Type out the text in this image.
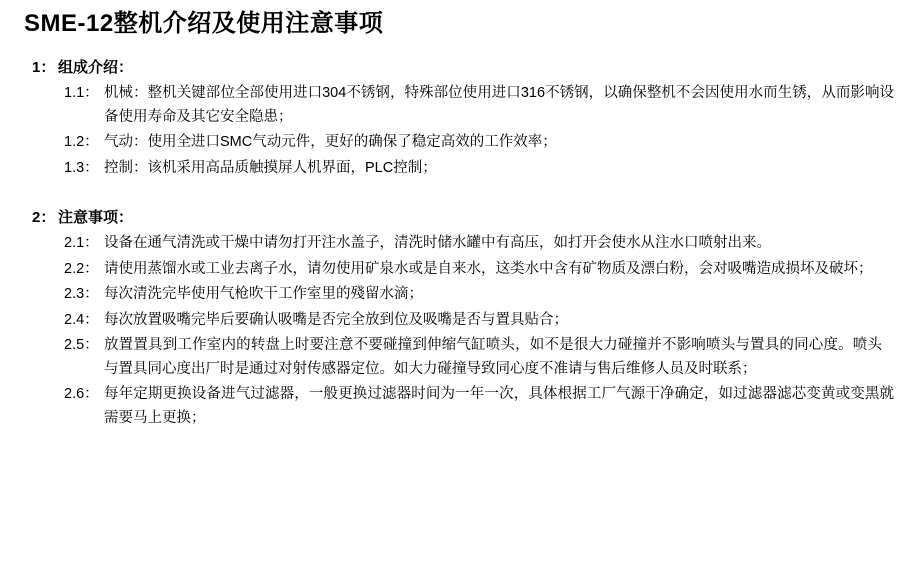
SME-12整机介绍及使用注意事项
1： 组成介绍：
1.1： 机械：整机关键部位全部使用进口304不锈钢，特殊部位使用进口316不锈钢，以确保整机不会因使用水而生锈，从而影响设备使用寿命及其它安全隐患；
1.2： 气动：使用全进口SMC气动元件，更好的确保了稳定高效的工作效率；
1.3： 控制：该机采用高品质触摸屏人机界面，PLC控制；
2： 注意事项：
2.1： 设备在通气清洗或干燥中请勿打开注水盖子，清洗时储水罐中有高压，如打开会使水从注水口喷射出来。
2.2： 请使用蒸馏水或工业去离子水，请勿使用矿泉水或是自来水，这类水中含有矿物质及漂白粉，会对吸嘴造成损坏及破坏；
2.3： 每次清洗完毕使用气枪吹干工作室里的殘留水滴；
2.4： 每次放置吸嘴完毕后要确认吸嘴是否完全放到位及吸嘴是否与置具贴合；
2.5： 放置置具到工作室内的转盘上时要注意不要碰撞到伸缩气缸喷头，如不是很大力碰撞并不影响喷头与置具的同心度。喷头与置具同心度出厂时是通过对射传感器定位。如大力碰撞导致同心度不准请与售后维修人员及时联系；
2.6： 每年定期更换设备进气过滤器，一般更换过滤器时间为一年一次，具体根据工厂气源干净确定，如过滤器滤芯变黄或变黑就需要马上更换；
